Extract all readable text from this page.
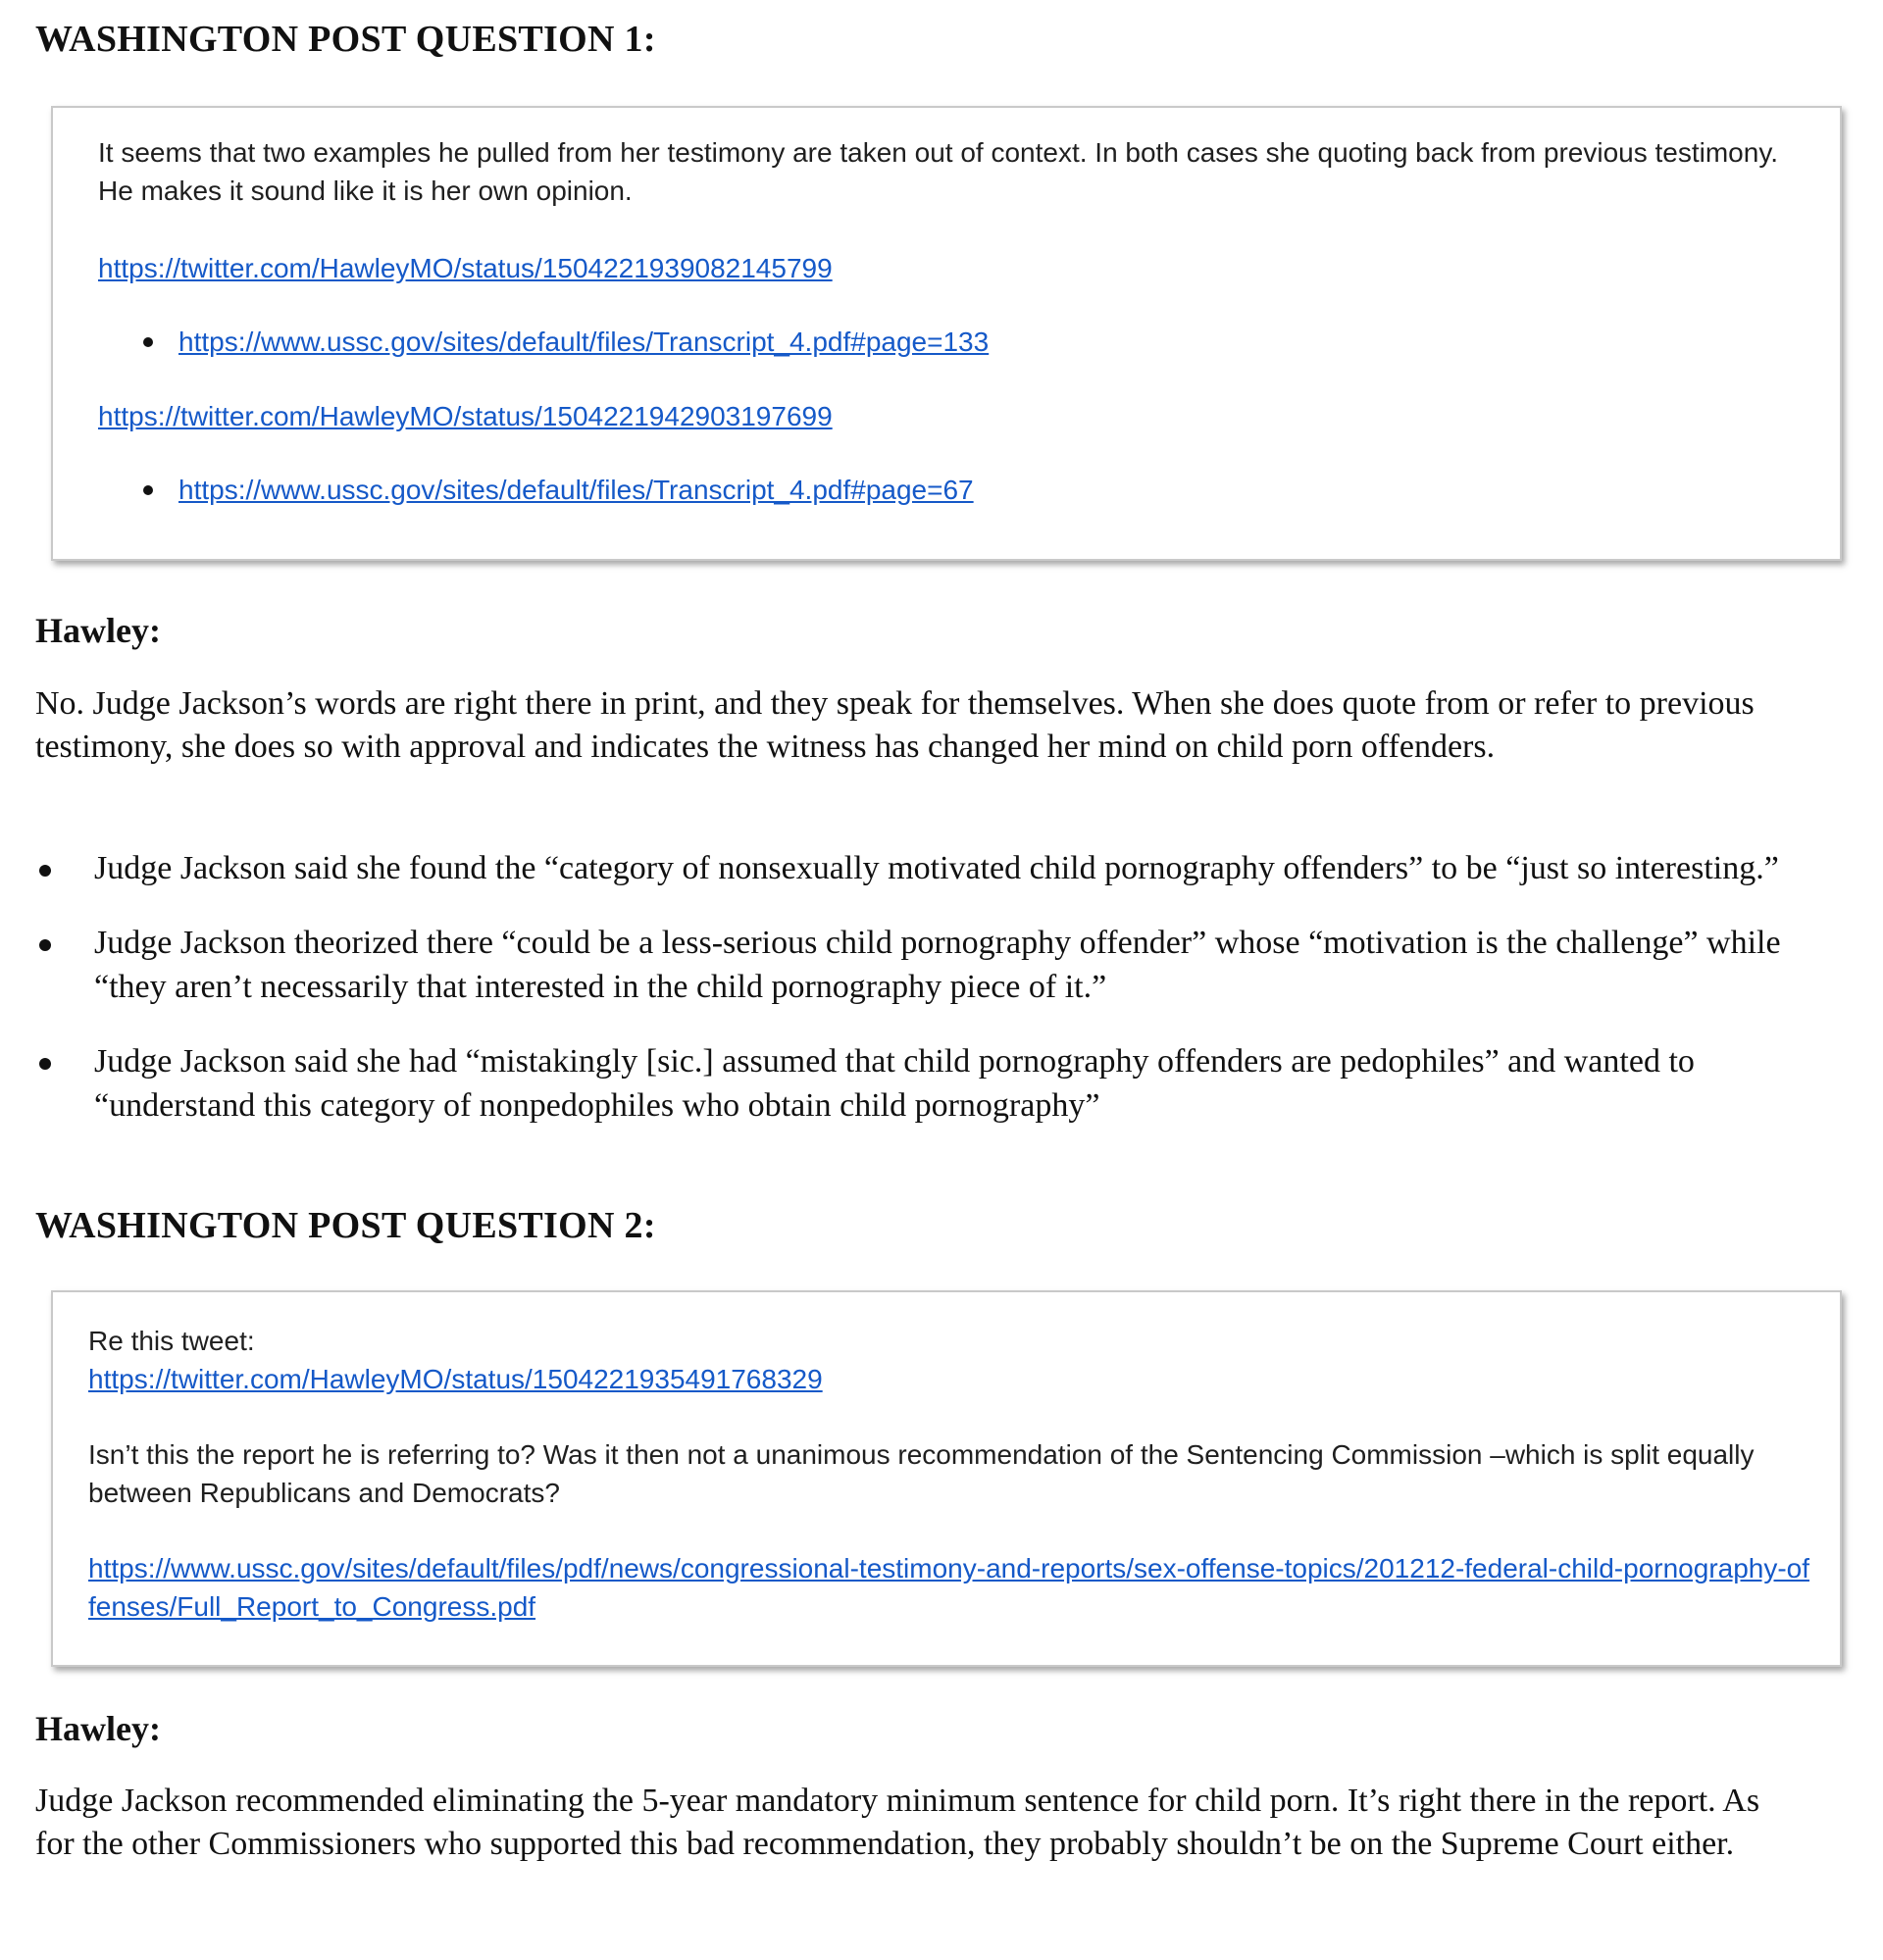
WASHINGTON POST QUESTION 1:

It seems that two examples he pulled from her testimony are taken out of context. In both cases she quoting back from previous testimony. He makes it sound like it is her own opinion.

https://twitter.com/HawleyMO/status/1504221939082145799

https://www.ussc.gov/sites/default/files/Transcript_4.pdf#page=133

https://twitter.com/HawleyMO/status/1504221942903197699

https://www.ussc.gov/sites/default/files/Transcript_4.pdf#page=67
Hawley:

No. Judge Jackson’s words are right there in print, and they speak for themselves. When she does quote from or refer to previous testimony, she does so with approval and indicates the witness has changed her mind on child porn offenders.

Judge Jackson said she found the “category of nonsexually motivated child pornography offenders” to be “just so interesting.”
Judge Jackson theorized there “could be a less-serious child pornography offender” whose “motivation is the challenge” while “they aren’t necessarily that interested in the child pornography piece of it.”
Judge Jackson said she had “mistakingly [sic.] assumed that child pornography offenders are pedophiles” and wanted to “understand this category of nonpedophiles who obtain child pornography”
WASHINGTON POST QUESTION 2:

Re this tweet:

https://twitter.com/HawleyMO/status/1504221935491768329

Isn’t this the report he is referring to? Was it then not a unanimous recommendation of the Sentencing Commission –which is split equally between Republicans and Democrats?

https://www.ussc.gov/sites/default/files/pdf/news/congressional-testimony-and-reports/sex-offense-topics/201212-federal-child-pornography-offenses/Full_Report_to_Congress.pdf

Hawley:

Judge Jackson recommended eliminating the 5-year mandatory minimum sentence for child porn. It’s right there in the report. As for the other Commissioners who supported this bad recommendation, they probably shouldn’t be on the Supreme Court either.
